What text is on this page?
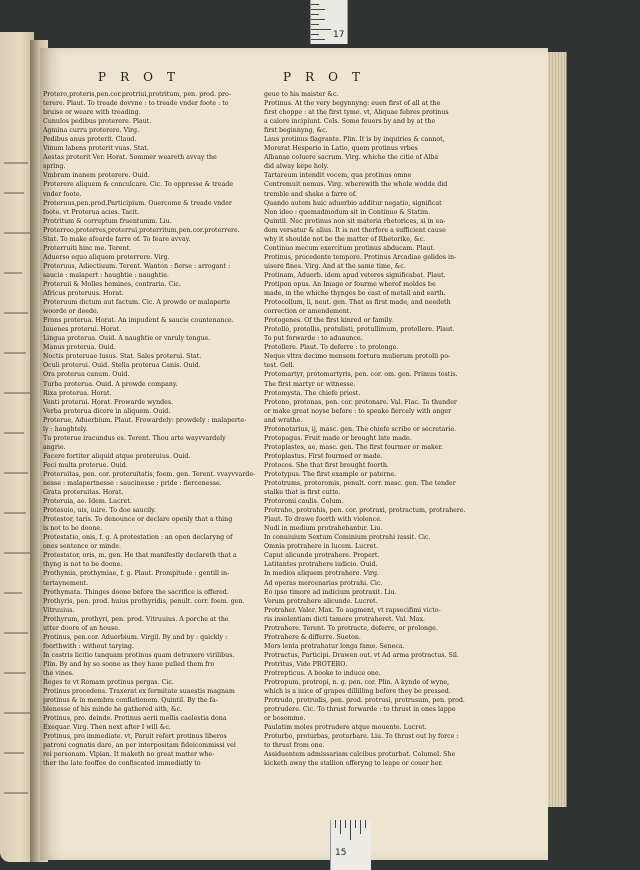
17
PROT	PROT
Protero,proteris,pen.cor.protriui,protritum, pen. prod. pro-
terere. Plaut. To treade dovvne : to treade vnder foote : to
bruise or weare with treading.
Cunulos pedibus proterere. Plaut.
Agmina curru proterere. Virg.
Pedibus anus proterit. Claud.
Vinum labens proterit vuas. Stat.
Aestas proterit Ver. Horat. Sommer weareth avvay the
spring.
Vmbram inanem proterere. Ouid.
Proterere aliquem & conculcare. Cic. To oppresse & treade
vnder foote.
Proteruus,pen.prod.Participium. Ouercome & treade vnder
foote. vt Proterua acies. Tacit.
Protritum & corruptum fruentumm. Liu.
Proterreo,proterres,proterrui,proterritum,pen.cor.proterrere.
Stat. To make afearde farre of. To feare avvay.
Proterruiti hinc me. Terent.
Aduerso equo aliquem proterrere. Virg.
Proteruus, Adiectiuum. Terent. Wanton : fierse : arrogant :
saucie : malapert : haughtie : naughtie.
Proteruii & Molles homines, contraria. Cic.
Africus proteruus. Horat.
Proteruum dictum aut factum. Cic. A prowde or malaperte
woorde or deede.
Frons proterua. Horat. An impudent & saucie countenance.
Iuuenes proterui. Horat.
Lingua proterua. Ouid. A naughtie or vnruly tongue.
Manus proterua. Ouid.
Noctis proteruae lusus. Stat. Sales proterui. Stat.
Oculi proterui. Ouid. Stella proterua Canis. Ouid.
Ora proterua canum. Ouid.
Turba proterua. Ouid. A prowde company.
Rixa proterua. Horat.
Venti proterui. Horat. Frowarde wyndes.
Verba proterua dicere in aliquem. Ouid.
Proterue, Aduerbium. Plaut. Frowardely: prowdely : malaperte-
ly : haughtely.
Tu proterue iracundus es. Terent. Thou arte wayvvardely
angrie.
Facere fortiter aliquid atque proteruius. Ouid.
Feci multa proterue. Ouid.
Proteruitas, pen. cor. proteruitatis, foem. gen. Terent. vvayvvarde-
nesse : malapertnesse : saucinesse : pride : fiercenesse.
Grata proteruitas. Horat.
Proteruia, ae. Idem. Lucret.
Protesuio, uis, iuire. To doe saucily.
Protestor, taris. To denounce or declare openly that a thing
is not to be doone.
Protestatio, onis, f. g. A protestation : an open declaryng of
ones sentence or minde.
Protestator, oris, m. gen. He that manifestly declareth that a
thyng is not to be doone.
Prothymia, prothymiae, f. g. Plaut. Prompitude : gentill in-
tertaynement.
Prothymata. Thinges doone before the sacrifice is offered.
Prothyris, pen. prod. huius prothyridis, penult. corr. foem. gen.
Vitruuius.
Prothyrum, prothyri, pen. prod. Vitruuius. A porche at the
utter doore of an house.
Protinus, pen.cor. Aduerbium. Virgil. By and by : quickly :
foorthwith : without tarying.
In castris licitio tanquam protinus quam detraxere virilibus.
Plin. By and by so soone as they haue pulled them fro
the vines.
Reges te vt Romam protinus pergas. Cic.
Protinus procedens. Traxerat ex fermitate suaestis magnam
protinus & in membra conflationem. Quintil. By the fa-
blenesse of his minde he gathered aith, &c.
Protinus, pro. deinde. Protinus aerii mellis caelestia dona
Exequar. Virg. Then next after I will &c.
Protinus, pro immediate. vt, Paruit refert protinus liberos
patroni cognatis dare, an per interpositam fideicommissi vel
rei personam. Vlpian. It maketh no great matter whe-
ther the late feoffee do confiscated immediatly to
geue to his maister &c.
Protinus. At the very begynnyng: euen first of all at the
first choppe : at the first tyme. vt, Aliquae febres protinus
a calore incipiunt. Cels. Some feuers by and by at the
first beginnyng, &c.
Laus protinus flagrante. Plin. It is by inquiries & cannot,
Morerat Hesperio in Latio, quem protinus vrbes
Albanae coluere sacrum. Virg. whiche the citie of Alba
did alway kepe holy.
Tartareum intendit vocem, qua protinus omne
Contremuit nemus. Virg. wherewith the whole wodde did
tremble and shake a farre of.
Quando autem huic aduerbio additur negatio, significat
Non ideo : quemadmodum sit in Continuo & Statim.
Quintil. Nec protinus non sit materia rhetorices, si in ea-
dem versatur & alius. It is not therfore a sufficient cause
why it shoulde not be the matter of Rhetorike, &c.
Continuo mecum exercitum protinus abducam. Plaut.
Protinus, procedente tempore. Protinus Arcadiae gelidos in-
uisere fines. Virg. And at the same time, &c.
Protinam, Aduerb. idem apud veteres significabat. Plaut.
Protipon opus. An Image or fourme wherof moldes be
made, in the whiche thynges be cast of metall and earth.
Protocollum, li, neut. gen. That as first made, and needeth
correction or amendement.
Protogenes. Of the first kinred or family.
Protollo, protollis, protulisti, protullimum, protollere. Plaut.
To put forwarde : to aduaunce.
Protollere. Plaut. To deferre : to prolonge.
Neque vltra decimo mensem fortura mulierum protolli po-
test. Gell.
Protomartyr, protomartyris, pen. cor. om. gen. Primus testis.
The first martyr or witnesse.
Protomysta. The chiefe priest.
Protono, protonas, pen. cor. protonare. Val. Flac. To thunder
or make great noyse before : to speake fiercely with anger
and wrathe.
Protonotarius, ij, masc. gen. The chiefe scribe or secretarie.
Protopagus. Fruit made or brought late made.
Protoplastes, ae, masc. gen. The first fourmer or maker.
Protoplastus. First fourmed or made.
Protocos. She that first brought foorth.
Prototypus. The first example or paterne.
Prototrums, protoromis, penult. corr. masc. gen. The tender
stalke that is first cutte.
Protoromi caulis. Colum.
Protraho, protrahis, pen. cor. protraxi, protractum, protrahere.
Plaut. To drawe foorth with violence.
Nudi in medium protrahebantur. Liu.
In conuiuium Sextum Cominium protrahi iussit. Cic.
Omnia protrahere in lucem. Lucret.
Caput alicunde protrahere. Propert.
Latitantes protrahere iudicio. Ouid.
In medios aliquem protrahere. Virg.
Ad operas mercenarias protrahi. Cic.
Eo ipso timore ad indicium protraxit. Liu.
Verum protrahere alicunde. Lucret.
Protraher. Valer. Max. To augment, vt rapsecifimi victo-
ris insolentiam dicti tamore protraheret. Val. Max.
Protrahere. Terent. To protracte, deferre, or prolonge.
Protrahere & differre. Sueton.
Mors lenta protrahatur longa fame. Seneca.
Protractus, Participi. Drawen out. vt Ad arma protractus. Sil.
Protritus, Vide PROTERO.
Protrepticus. A booke to induce one.
Protropum, protropi, n. g. pen. cor. Plin. A kynde of wyne,
which is a iuice of grapes dillilling before they be pressed.
Protrudo, protrudis, pen. prod. protrusi, protrusum, pen. prod.
protrudere. Cic. To thrust forwarde : to thrust in ones lappe
or bosomme.
Paulatim moles protrudere atque mouente. Lucret.
Proturbo, proturbas, proturbare. Liu. To thrust out by force :
to thrust from one.
Assiduentem admissariam calcibus proturbat. Columel. She
kicketh away the stallion offeryng to leape or couer her.
15
